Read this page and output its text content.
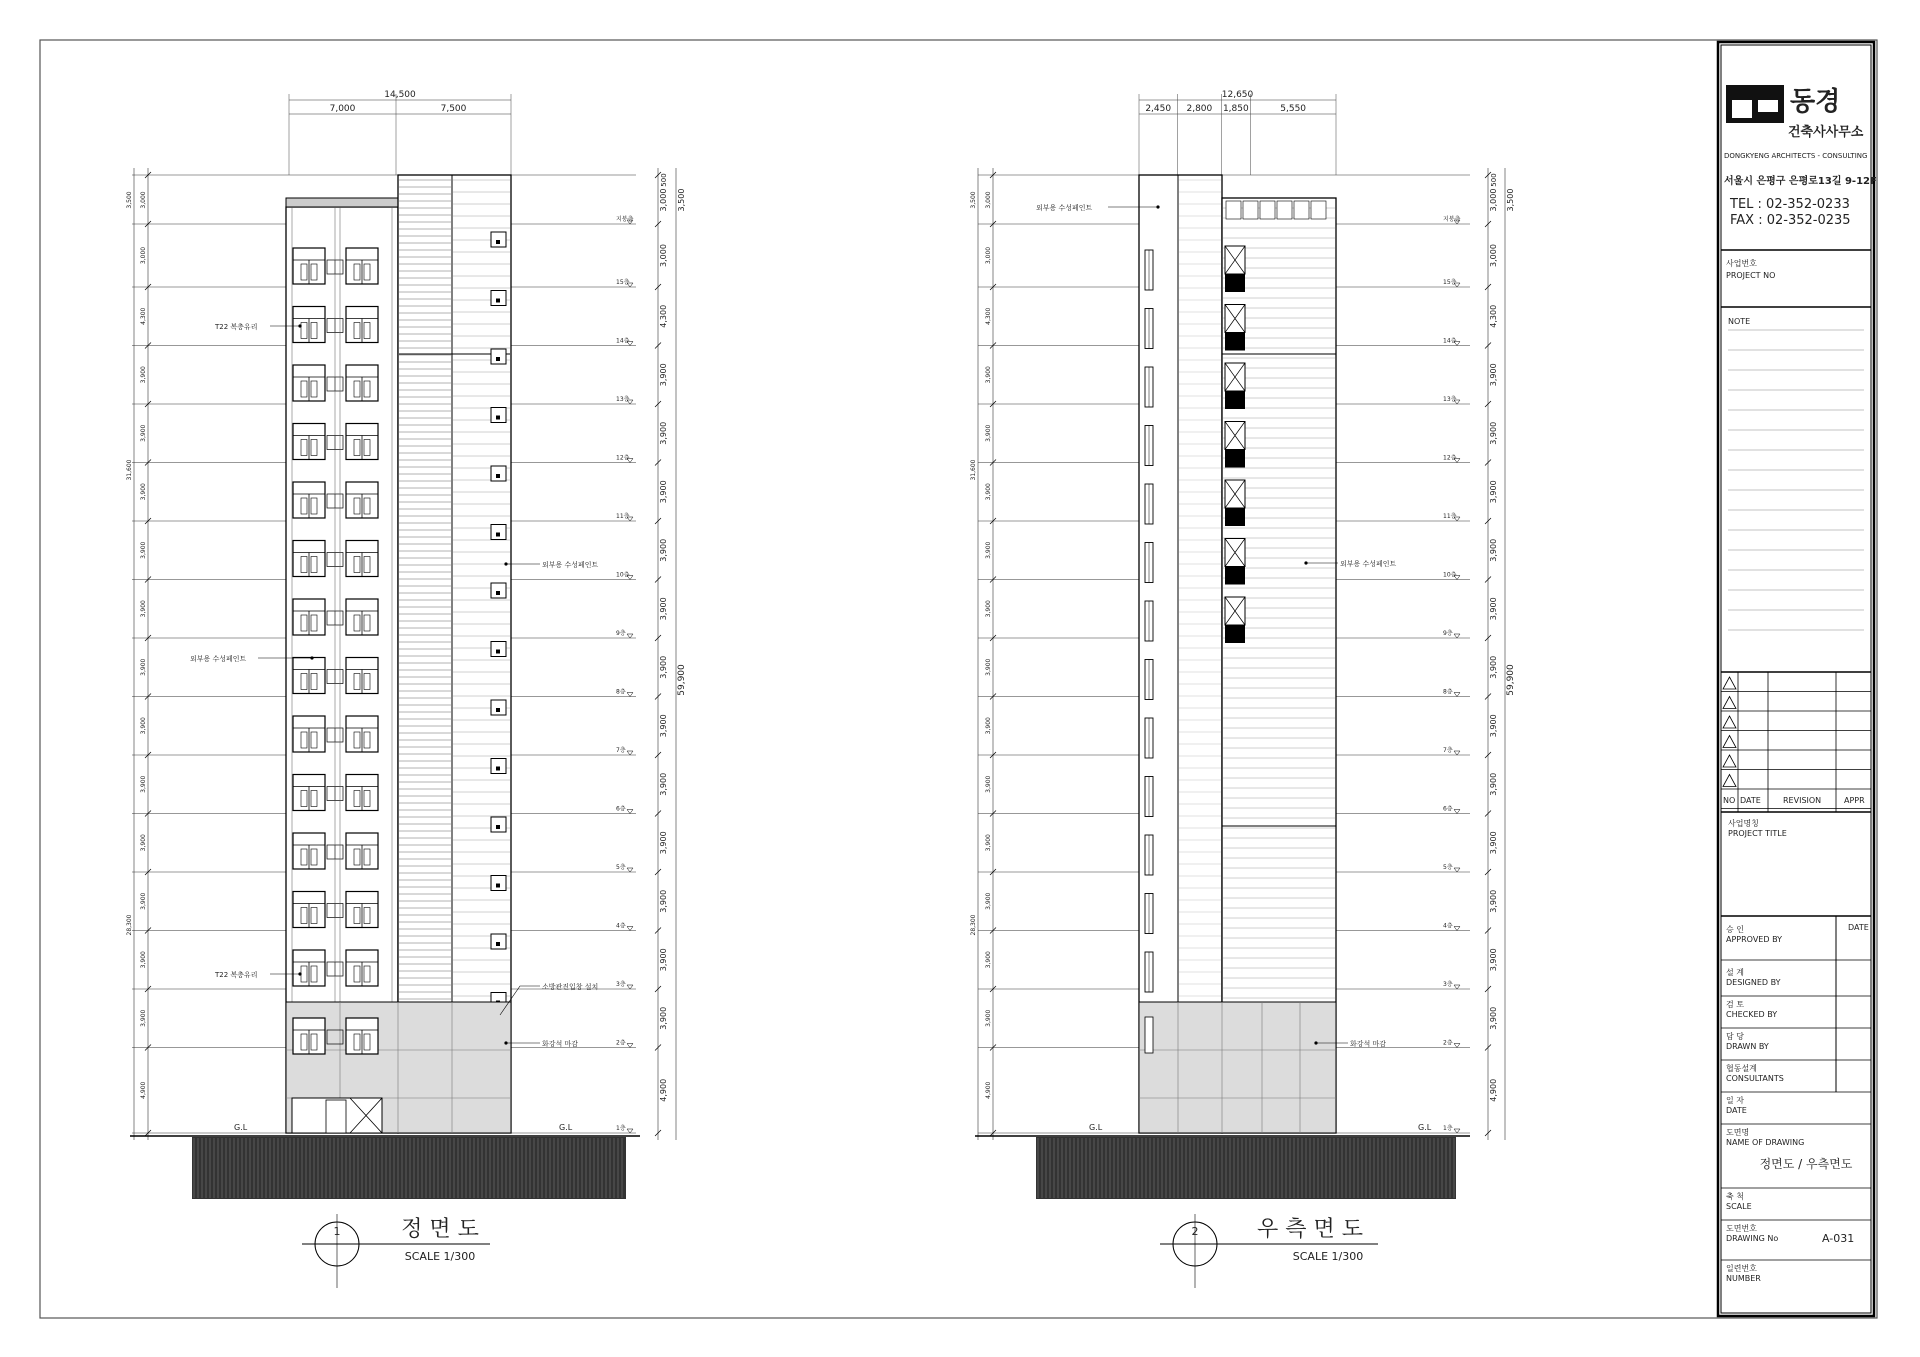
동경
건축사사무소
DONGKYENG ARCHITECTS - CONSULTING
서울시 은평구 은평로13길 9-12F
TEL : 02-352-0233
FAX : 02-352-0235
사업번호
PROJECT NO
NOTE
NO DATE	REVISION	APPR
사업명칭
PROJECT TITLE
승 인
APPROVED BY
DATE
설 계
DESIGNED BY
검 토
CHECKED BY
담 당
DRAWN BY
협동설계
CONSULTANTS
일 자
DATE
도면명
NAME OF DRAWING
정면도 / 우측면도
축 척
SCALE
도면번호
DRAWING No	A-031
일련번호
NUMBER
지붕층
15층
14층
13층
12층
11층
10층
9층
8층
7층
6층
5층
4층
3층
2층
1층
3,000	3,000
4,300	4,300
3,900	3,900
3,900	3,900
3,900	3,900
3,900	3,900
3,900	3,900
3,900	3,900
3,900	3,900
3,900	3,900
3,900	3,900
3,900	3,900
3,900	3,900
3,900	3,900
4,900	4,900
3,000
3,500	3,000 3,500
500
31,600
28,300
59,900
14,500
7,000	7,500
G.L	G.L
T22 복층유리
외부용 수성페인트
T22 복층유리
외부용 수성페인트
소방관진입창 설치
화강석 마감
1	정 면 도
SCALE 1/300
지붕층
15층
14층
13층
12층
11층
10층
9층
8층
7층
6층
5층
4층
3층
2층
1층
3,000	3,000
4,300	4,300
3,900	3,900
3,900	3,900
3,900	3,900
3,900	3,900
3,900	3,900
3,900	3,900
3,900	3,900
3,900	3,900
3,900	3,900
3,900	3,900
3,900	3,900
3,900	3,900
4,900	4,900
3,000
3,500	3,000 3,500
500
31,600
28,300
59,900
12,650
2,450 2,800 1,850	5,550
G.L	G.L
외부용 수성페인트
외부용 수성페인트
화강석 마감
2	우 측 면 도
SCALE 1/300
